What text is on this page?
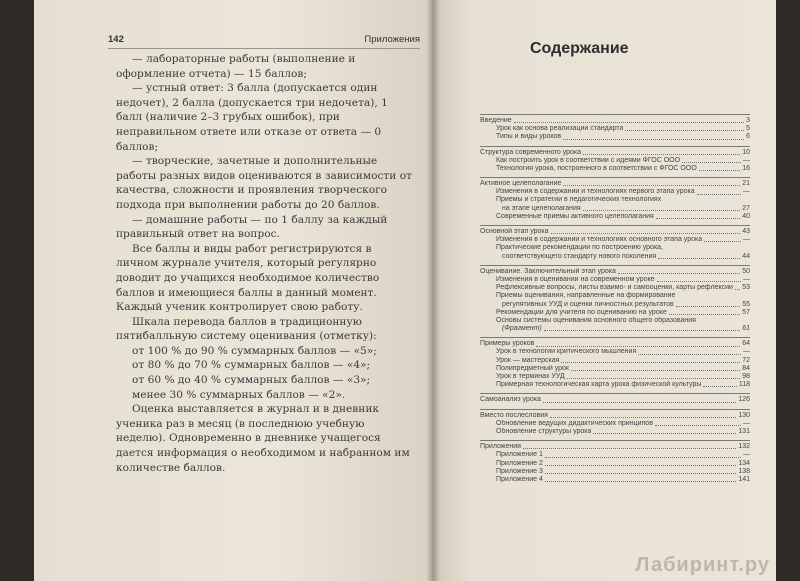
142	Приложения

— лабораторные работы (выполнение и оформление отчета) — 15 баллов;

— устный ответ: 3 балла (допускается один недочет), 2 балла (допускается три недочета), 1 балл (наличие 2–3 грубых ошибок), при неправильном ответе или отказе от ответа — 0 баллов;

— творческие, зачетные и дополнительные работы разных видов оцениваются в зависимости от качества, сложности и проявления творческого подхода при выполнении работы до 20 баллов.

— домашние работы — по 1 баллу за каждый правильный ответ на вопрос.

Все баллы и виды работ регистрируются в личном журнале учителя, который регулярно доводит до учащихся необходимое количество баллов и имеющиеся баллы в данный момент. Каждый ученик контролирует свою работу.

Шкала перевода баллов в традиционную пятибалльную систему оценивания (отметку):

от 100 % до 90 % суммарных баллов — «5»;

от 80 % до 70 % суммарных баллов — «4»;

от 60 % до 40 % суммарных баллов — «3»;

менее 30 % суммарных баллов — «2».

Оценка выставляется в журнал и в дневник ученика раз в месяц (в последнюю учебную неделю). Одновременно в дневнике учащегося дается информация о необходимом и набранном им количестве баллов.

Содержание
Введение	3
Урок как основа реализации стандарта	5
Типы и виды уроков	6
Структура современного урока	10
Как построить урок в соответствии с идеями ФГОС ООО	—
Технология урока, построенного в соответствии с ФГОС ООО	16
Активное целеполагание	21
Изменения в содержании и технологиях первого этапа урока	—
Приемы и стратегии в педагогических технологиях
на этапе целеполагания	27
Современные приемы активного целеполагания	40
Основной этап урока	43
Изменения в содержании и технологиях основного этапа урока	—
Практические рекомендации по построению урока,
соответствующего стандарту нового поколения	44
Оценивание. Заключительный этап урока	50
Изменения в оценивании на современном уроке	—
Рефлексивные вопросы, листы взаимо- и самооценки, карты рефлексии 53
Приемы оценивания, направленные на формирование
регулятивных УУД и оценки личностных результатов	55
Рекомендации для учителя по оцениванию на уроке	57
Основы системы оценивания основного общего образования
(Фрагмент)	61
Примеры уроков	64
Урок в технологии критического мышления	—
Урок — мастерская	72
Полипредметный урок	84
Урок в терминах УУД	98
Примерная технологическая карта урока физической культуры	118
Самоанализ урока	126
Вместо послесловия	130
Обновление ведущих дидактических принципов	—
Обновление структуры урока	131
Приложения	132
Приложение 1	—
Приложение 2	134
Приложение 3	138
Приложение 4	141
Лабиринт.ру
